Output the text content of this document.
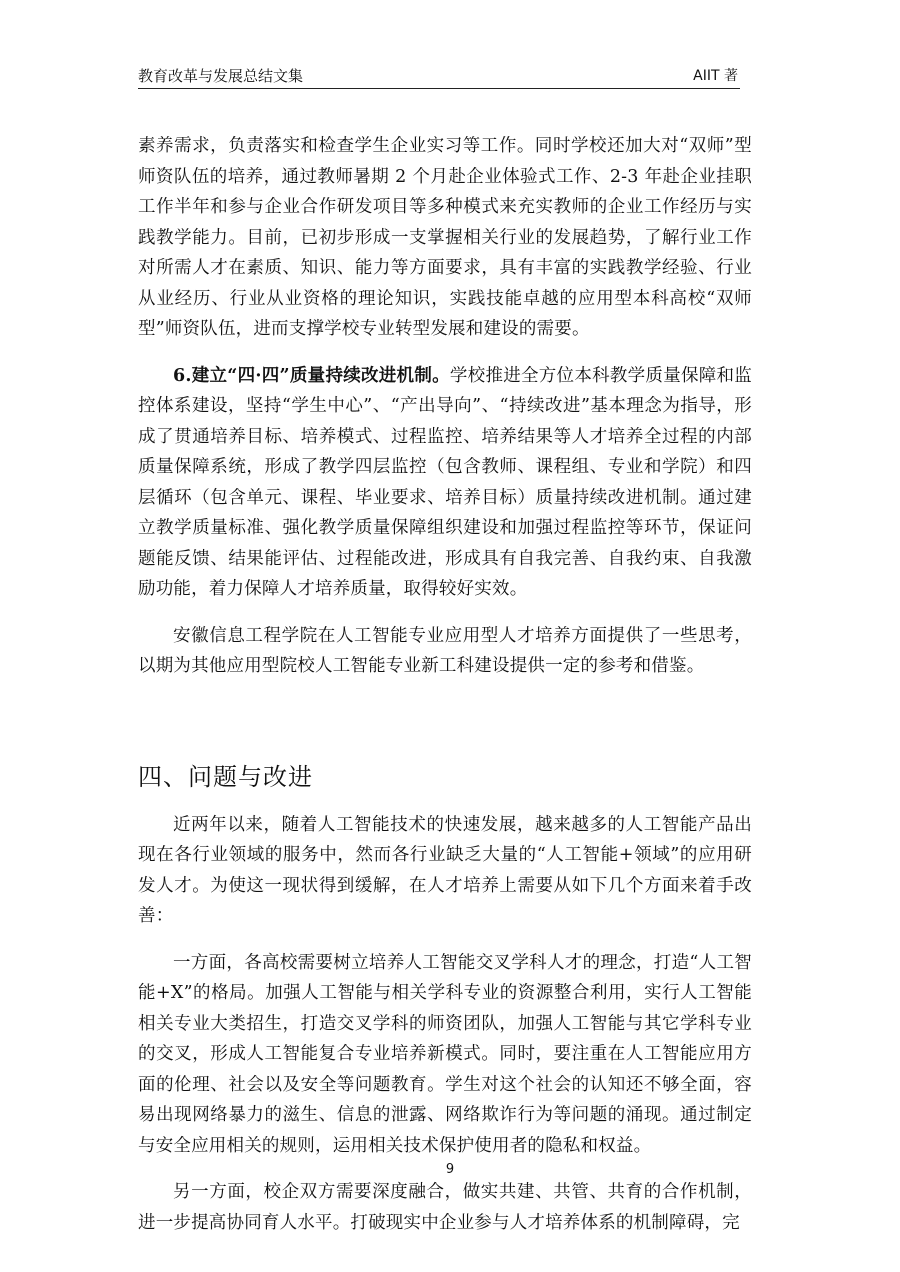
教育改革与发展总结文集	AIIT 著

素养需求，负责落实和检查学生企业实习等工作。同时学校还加大对“双师”型师资队伍的培养，通过教师暑期 2 个月赴企业体验式工作、2-3 年赴企业挂职工作半年和参与企业合作研发项目等多种模式来充实教师的企业工作经历与实践教学能力。目前，已初步形成一支掌握相关行业的发展趋势，了解行业工作对所需人才在素质、知识、能力等方面要求，具有丰富的实践教学经验、行业从业经历、行业从业资格的理论知识，实践技能卓越的应用型本科高校“双师型”师资队伍，进而支撑学校专业转型发展和建设的需要。

6.建立“四·四”质量持续改进机制。学校推进全方位本科教学质量保障和监控体系建设，坚持“学生中心”、“产出导向”、“持续改进”基本理念为指导，形成了贯通培养目标、培养模式、过程监控、培养结果等人才培养全过程的内部质量保障系统，形成了教学四层监控（包含教师、课程组、专业和学院）和四层循环（包含单元、课程、毕业要求、培养目标）质量持续改进机制。通过建立教学质量标准、强化教学质量保障组织建设和加强过程监控等环节，保证问题能反馈、结果能评估、过程能改进，形成具有自我完善、自我约束、自我激励功能，着力保障人才培养质量，取得较好实效。

安徽信息工程学院在人工智能专业应用型人才培养方面提供了一些思考，以期为其他应用型院校人工智能专业新工科建设提供一定的参考和借鉴。

四、问题与改进

近两年以来，随着人工智能技术的快速发展，越来越多的人工智能产品出现在各行业领域的服务中，然而各行业缺乏大量的“人工智能+领域”的应用研发人才。为使这一现状得到缓解，在人才培养上需要从如下几个方面来着手改善：

一方面，各高校需要树立培养人工智能交叉学科人才的理念，打造“人工智能+X”的格局。加强人工智能与相关学科专业的资源整合利用，实行人工智能相关专业大类招生，打造交叉学科的师资团队，加强人工智能与其它学科专业的交叉，形成人工智能复合专业培养新模式。同时，要注重在人工智能应用方面的伦理、社会以及安全等问题教育。学生对这个社会的认知还不够全面，容易出现网络暴力的滋生、信息的泄露、网络欺诈行为等问题的涌现。通过制定与安全应用相关的规则，运用相关技术保护使用者的隐私和权益。

另一方面，校企双方需要深度融合，做实共建、共管、共育的合作机制，进一步提高协同育人水平。打破现实中企业参与人才培养体系的机制障碍，完

9
